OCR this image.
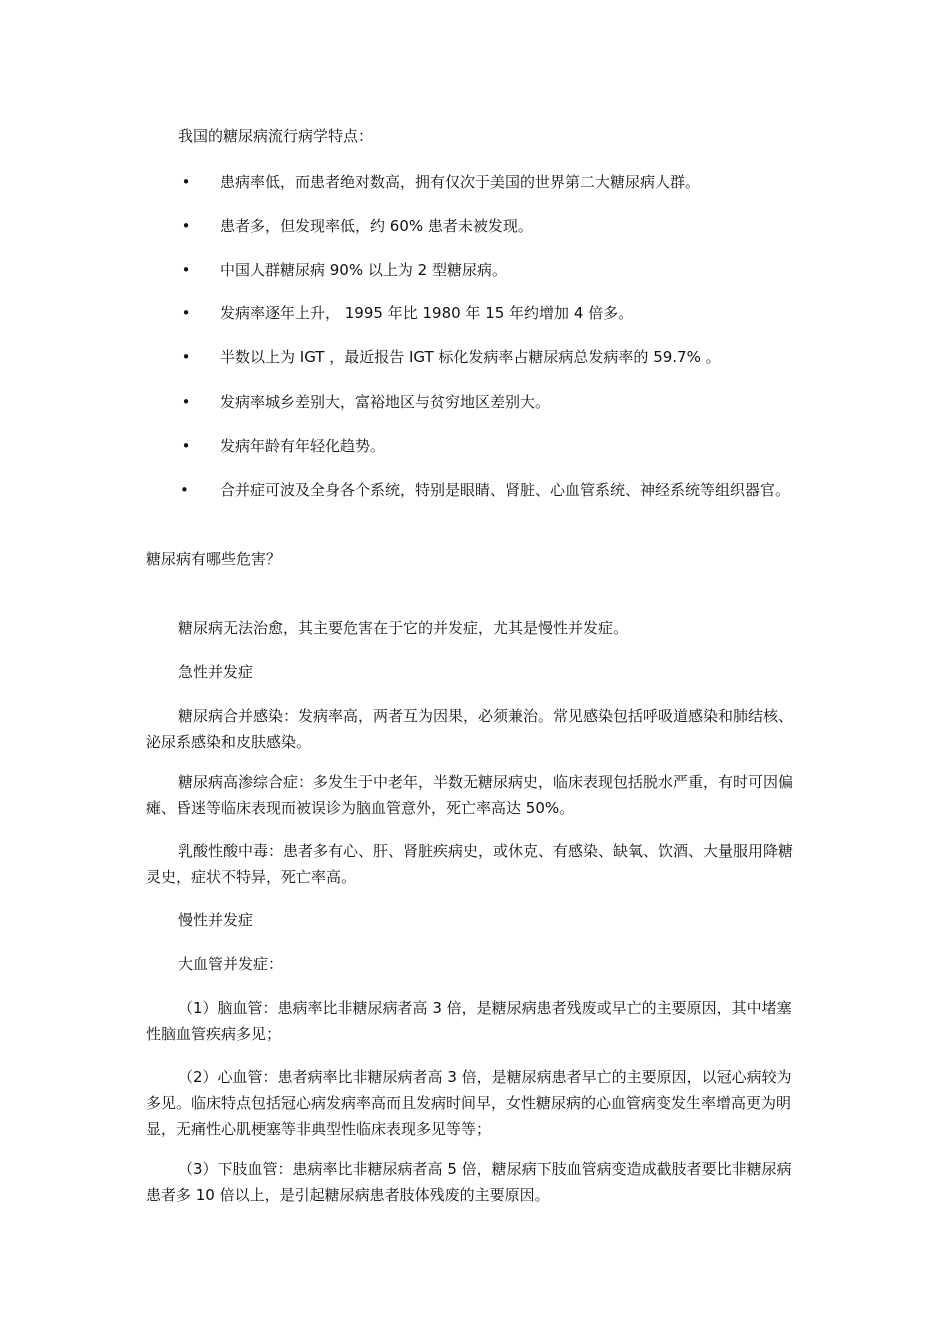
我国的糖尿病流行病学特点：
• 患病率低，而患者绝对数高，拥有仅次于美国的世界第二大糖尿病人群。
• 患者多，但发现率低，约 60% 患者未被发现。
• 中国人群糖尿病 90% 以上为 2 型糖尿病。
• 发病率逐年上升， 1995 年比 1980 年 15 年约增加 4 倍多。
• 半数以上为 IGT ，最近报告 IGT 标化发病率占糖尿病总发病率的 59.7% 。
• 发病率城乡差别大，富裕地区与贫穷地区差别大。
• 发病年龄有年轻化趋势。
• 合并症可波及全身各个系统，特别是眼睛、肾脏、心血管系统、神经系统等组织器官。
糖尿病有哪些危害？
糖尿病无法治愈，其主要危害在于它的并发症，尤其是慢性并发症。
急性并发症
糖尿病合并感染：发病率高，两者互为因果，必须兼治。常见感染包括呼吸道感染和肺结核、泌尿系感染和皮肤感染。
糖尿病高渗综合症：多发生于中老年，半数无糖尿病史，临床表现包括脱水严重，有时可因偏瘫、昏迷等临床表现而被误诊为脑血管意外，死亡率高达 50%。
乳酸性酸中毒：患者多有心、肝、肾脏疾病史，或休克、有感染、缺氧、饮酒、大量服用降糖灵史，症状不特异，死亡率高。
慢性并发症
大血管并发症：
（1）脑血管：患病率比非糖尿病者高 3 倍，是糖尿病患者残废或早亡的主要原因，其中堵塞性脑血管疾病多见；
（2）心血管：患者病率比非糖尿病者高 3 倍，是糖尿病患者早亡的主要原因，以冠心病较为多见。临床特点包括冠心病发病率高而且发病时间早，女性糖尿病的心血管病变发生率增高更为明显，无痛性心肌梗塞等非典型性临床表现多见等等；
（3）下肢血管：患病率比非糖尿病者高 5 倍，糖尿病下肢血管病变造成截肢者要比非糖尿病患者多 10 倍以上，是引起糖尿病患者肢体残废的主要原因。
